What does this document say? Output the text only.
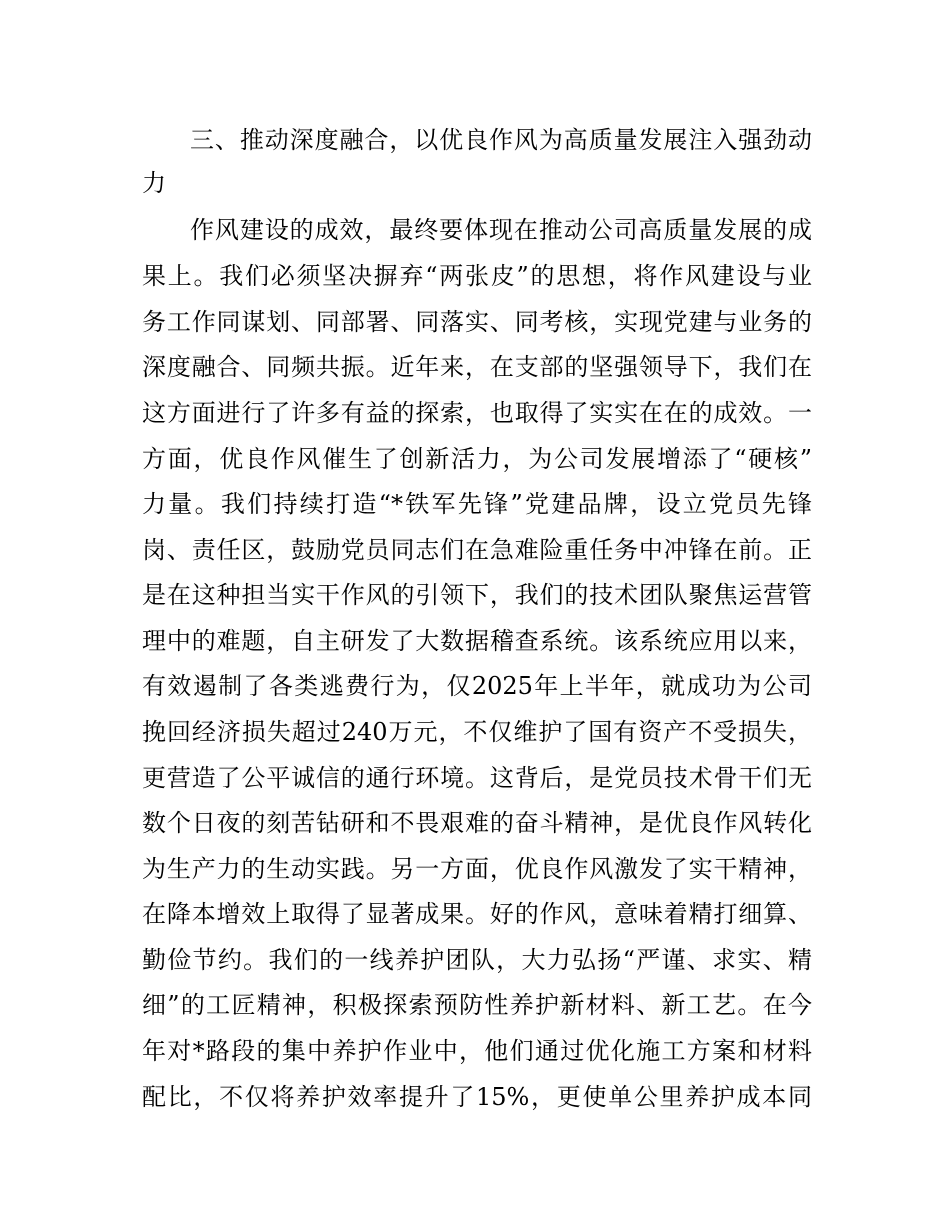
三、推动深度融合，以优良作风为高质量发展注入强劲动
力
作风建设的成效，最终要体现在推动公司高质量发展的成
果上。我们必须坚决摒弃“两张皮”的思想，将作风建设与业
务工作同谋划、同部署、同落实、同考核，实现党建与业务的
深度融合、同频共振。近年来，在支部的坚强领导下，我们在
这方面进行了许多有益的探索，也取得了实实在在的成效。一
方面，优良作风催生了创新活力，为公司发展增添了“硬核”
力量。我们持续打造“*铁军先锋”党建品牌，设立党员先锋
岗、责任区，鼓励党员同志们在急难险重任务中冲锋在前。正
是在这种担当实干作风的引领下，我们的技术团队聚焦运营管
理中的难题，自主研发了大数据稽查系统。该系统应用以来，
有效遏制了各类逃费行为，仅2025年上半年，就成功为公司
挽回经济损失超过240万元，不仅维护了国有资产不受损失，
更营造了公平诚信的通行环境。这背后，是党员技术骨干们无
数个日夜的刻苦钻研和不畏艰难的奋斗精神，是优良作风转化
为生产力的生动实践。另一方面，优良作风激发了实干精神，
在降本增效上取得了显著成果。好的作风，意味着精打细算、
勤俭节约。我们的一线养护团队，大力弘扬“严谨、求实、精
细”的工匠精神，积极探索预防性养护新材料、新工艺。在今
年对*路段的集中养护作业中，他们通过优化施工方案和材料
配比，不仅将养护效率提升了15%，更使单公里养护成本同
